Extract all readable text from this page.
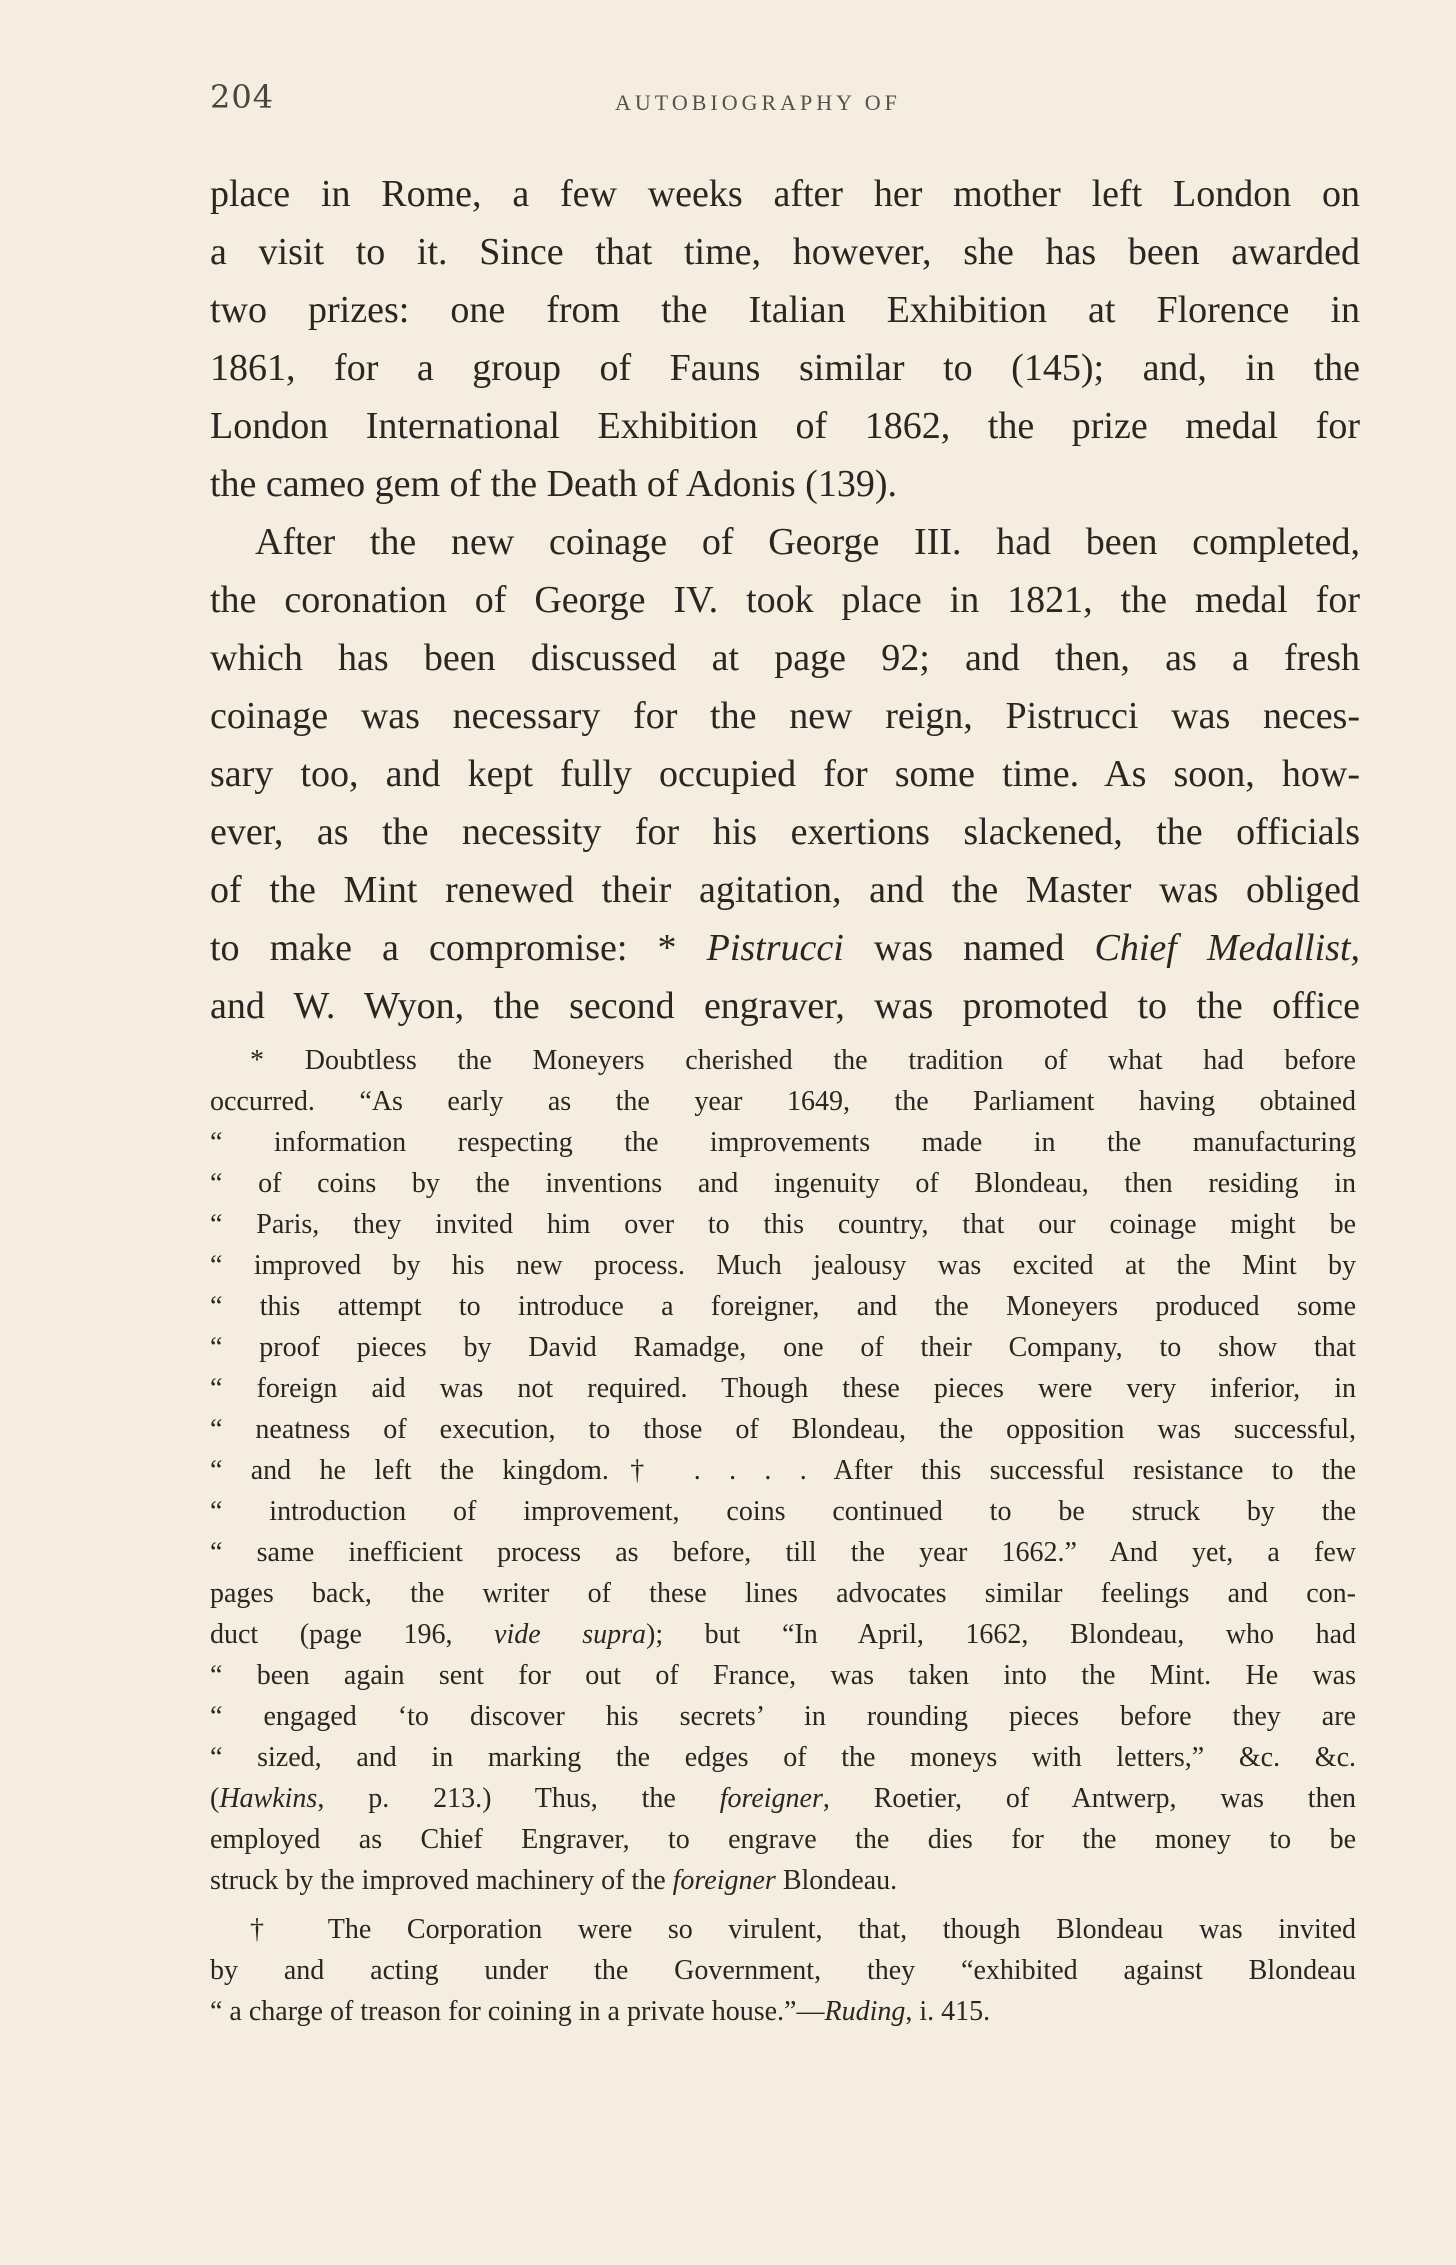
204	AUTOBIOGRAPHY OF
place in Rome, a few weeks after her mother left London on
a visit to it. Since that time, however, she has been awarded
two prizes: one from the Italian Exhibition at Florence in
1861, for a group of Fauns similar to (145); and, in the
London International Exhibition of 1862, the prize medal for
the cameo gem of the Death of Adonis (139).
After the new coinage of George III. had been completed,
the coronation of George IV. took place in 1821, the medal for
which has been discussed at page 92; and then, as a fresh
coinage was necessary for the new reign, Pistrucci was neces-
sary too, and kept fully occupied for some time. As soon, how-
ever, as the necessity for his exertions slackened, the officials
of the Mint renewed their agitation, and the Master was obliged
to make a compromise: * Pistrucci was named Chief Medallist,
and W. Wyon, the second engraver, was promoted to the office
* Doubtless the Moneyers cherished the tradition of what had before
occurred. “As early as the year 1649, the Parliament having obtained
“ information respecting the improvements made in the manufacturing
“ of coins by the inventions and ingenuity of Blondeau, then residing in
“ Paris, they invited him over to this country, that our coinage might be
“ improved by his new process. Much jealousy was excited at the Mint by
“ this attempt to introduce a foreigner, and the Moneyers produced some
“ proof pieces by David Ramadge, one of their Company, to show that
“ foreign aid was not required. Though these pieces were very inferior, in
“ neatness of execution, to those of Blondeau, the opposition was successful,
“ and he left the kingdom.† . . . . After this successful resistance to the
“ introduction of improvement, coins continued to be struck by the
“ same inefficient process as before, till the year 1662.” And yet, a few
pages back, the writer of these lines advocates similar feelings and con-
duct (page 196, vide supra); but “In April, 1662, Blondeau, who had
“ been again sent for out of France, was taken into the Mint. He was
“ engaged ‘to discover his secrets’ in rounding pieces before they are
“ sized, and in marking the edges of the moneys with letters,” &c. &c.
(Hawkins, p. 213.) Thus, the foreigner, Roetier, of Antwerp, was then
employed as Chief Engraver, to engrave the dies for the money to be
struck by the improved machinery of the foreigner Blondeau.
† The Corporation were so virulent, that, though Blondeau was invited
by and acting under the Government, they “exhibited against Blondeau
“ a charge of treason for coining in a private house.”—Ruding, i. 415.
